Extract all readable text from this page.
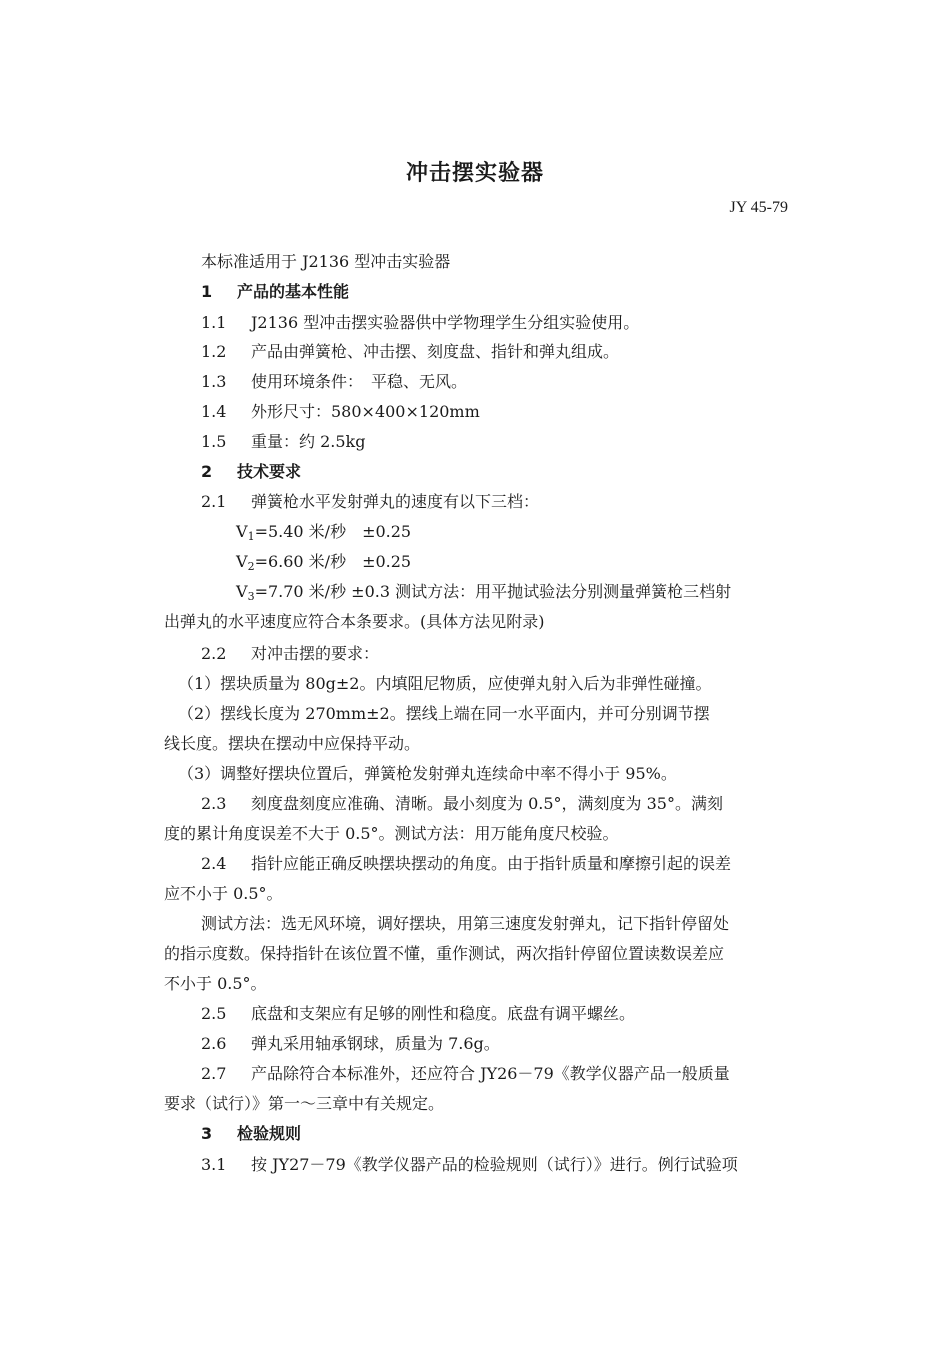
冲击摆实验器
JY 45-79
本标准适用于 J2136 型冲击实验器
1 产品的基本性能
1.1 J2136 型冲击摆实验器供中学物理学生分组实验使用。
1.2 产品由弹簧枪、冲击摆、刻度盘、指针和弹丸组成。
1.3 使用环境条件：　平稳、无风。
1.4 外形尺寸：580×400×120mm
1.5 重量：约 2.5kg
2 技术要求
2.1 弹簧枪水平发射弹丸的速度有以下三档：
$V_1=5.40$ 米/秒　±0.25
$V_2=6.60$ 米/秒　±0.25
$V_3=7.70$ 米/秒 ±0.3 测试方法：用平抛试验法分别测量弹簧枪三档射
出弹丸的水平速度应符合本条要求。(具体方法见附录)
2.2 对冲击摆的要求：
（1）摆块质量为 80g±2。内填阻尼物质，应使弹丸射入后为非弹性碰撞。
（2）摆线长度为 270mm±2。摆线上端在同一水平面内，并可分别调节摆
线长度。摆块在摆动中应保持平动。
（3）调整好摆块位置后，弹簧枪发射弹丸连续命中率不得小于 95%。
2.3 刻度盘刻度应准确、清晰。最小刻度为 0.5°，满刻度为 35°。满刻
度的累计角度误差不大于 0.5°。测试方法：用万能角度尺校验。
2.4 指针应能正确反映摆块摆动的角度。由于指针质量和摩擦引起的误差
应不小于 0.5°。
测试方法：选无风环境，调好摆块，用第三速度发射弹丸，记下指针停留处
的指示度数。保持指针在该位置不懂，重作测试，两次指针停留位置读数误差应
不小于 0.5°。
2.5 底盘和支架应有足够的刚性和稳度。底盘有调平螺丝。
2.6 弹丸采用轴承钢球，质量为 7.6g。
2.7 产品除符合本标准外，还应符合 JY26－79《教学仪器产品一般质量
要求（试行）》第一～三章中有关规定。
3 检验规则
3.1 按 JY27－79《教学仪器产品的检验规则（试行）》进行。例行试验项
